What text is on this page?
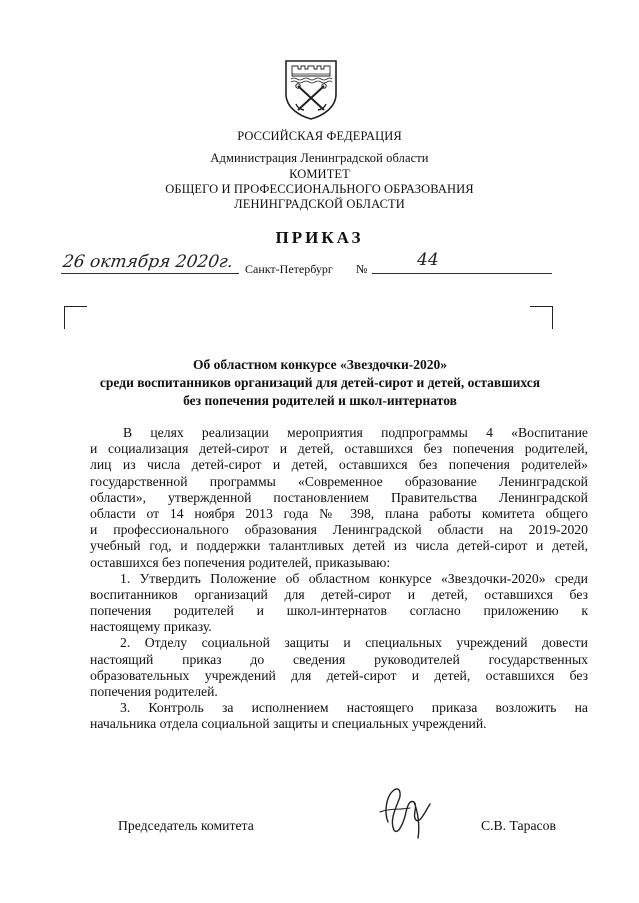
РОССИЙСКАЯ ФЕДЕРАЦИЯ
Администрация Ленинградской области
КОМИТЕТ
ОБЩЕГО И ПРОФЕССИОНАЛЬНОГО ОБРАЗОВАНИЯ
ЛЕНИНГРАДСКОЙ ОБЛАСТИ
ПРИКАЗ
26 октября 2020г. Санкт-Петербург №	44
Об областном конкурсе «Звездочки-2020»
среди воспитанников организаций для детей-сирот и детей, оставшихся
без попечения родителей и школ-интернатов
В целях реализации мероприятия подпрограммы 4 «Воспитание
и социализация детей-сирот и детей, оставшихся без попечения родителей,
лиц из числа детей-сирот и детей, оставшихся без попечения родителей»
государственной программы «Современное образование Ленинградской
области», утвержденной постановлением Правительства Ленинградской
области от 14 ноября 2013 года № 398, плана работы комитета общего
и профессионального образования Ленинградской области на 2019-2020
учебный год, и поддержки талантливых детей из числа детей-сирот и детей,
оставшихся без попечения родителей, приказываю:
1. Утвердить Положение об областном конкурсе «Звездочки-2020» среди
воспитанников организаций для детей-сирот и детей, оставшихся без
попечения родителей и школ-интернатов согласно приложению к
настоящему приказу.
2. Отделу социальной защиты и специальных учреждений довести
настоящий приказ до сведения руководителей государственных
образовательных учреждений для детей-сирот и детей, оставшихся без
попечения родителей.
3. Контроль за исполнением настоящего приказа возложить на
начальника отдела социальной защиты и специальных учреждений.
Председатель комитета	С.В. Тарасов
